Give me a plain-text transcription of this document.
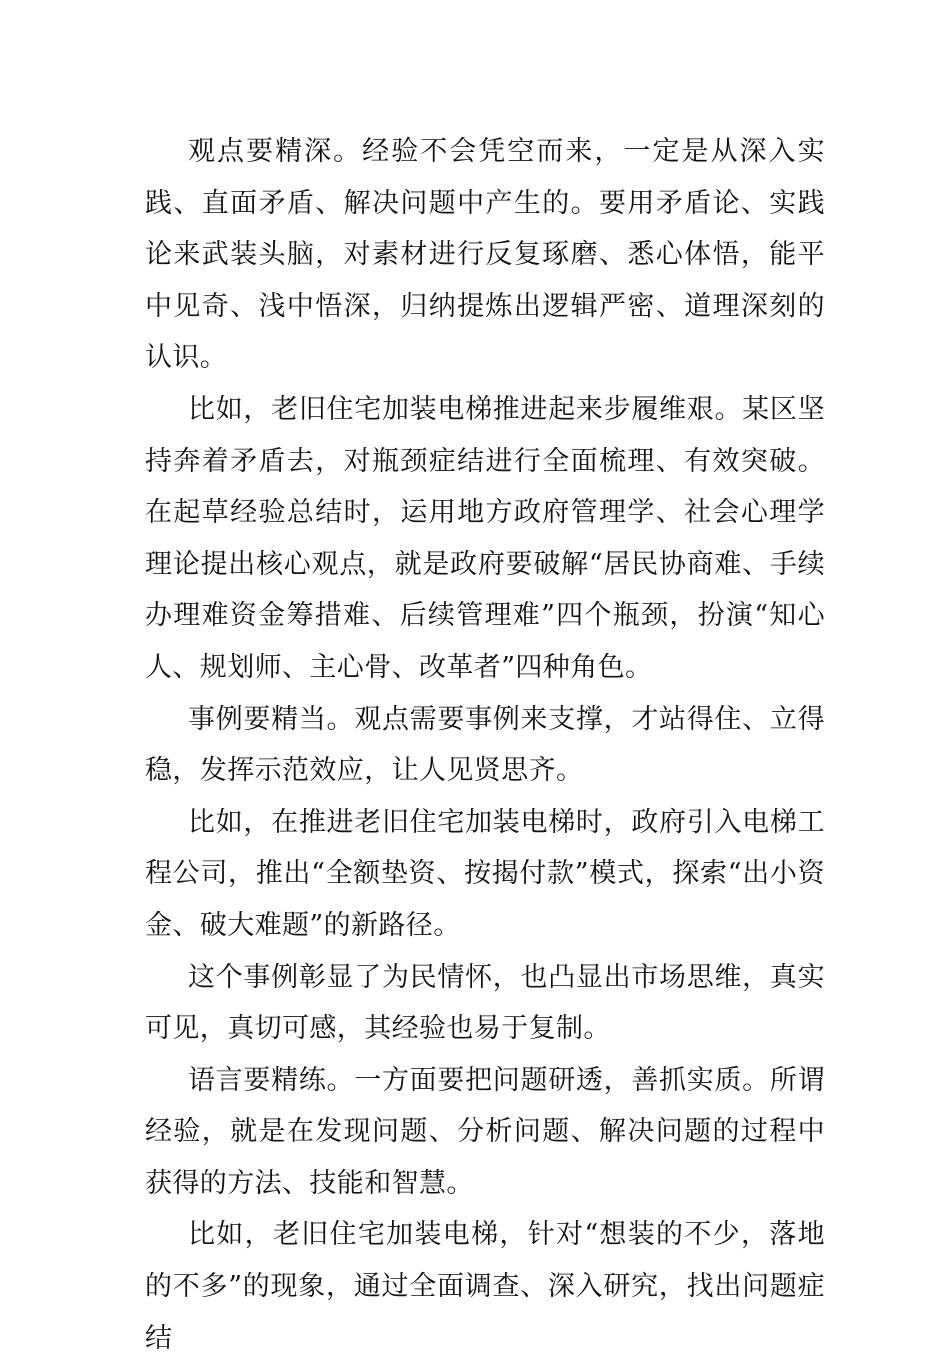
观点要精深。经验不会凭空而来，一定是从深入实践、直面矛盾、解决问题中产生的。要用矛盾论、实践论来武装头脑，对素材进行反复琢磨、悉心体悟，能平中见奇、浅中悟深，归纳提炼出逻辑严密、道理深刻的认识。

比如，老旧住宅加装电梯推进起来步履维艰。某区坚持奔着矛盾去，对瓶颈症结进行全面梳理、有效突破。在起草经验总结时，运用地方政府管理学、社会心理学理论提出核心观点，就是政府要破解“居民协商难、手续办理难资金筹措难、后续管理难”四个瓶颈，扮演“知心人、规划师、主心骨、改革者”四种角色。

事例要精当。观点需要事例来支撑，才站得住、立得稳，发挥示范效应，让人见贤思齐。

比如，在推进老旧住宅加装电梯时，政府引入电梯工程公司，推出“全额垫资、按揭付款”模式，探索“出小资金、破大难题”的新路径。

这个事例彰显了为民情怀，也凸显出市场思维，真实可见，真切可感，其经验也易于复制。

语言要精练。一方面要把问题研透，善抓实质。所谓经验，就是在发现问题、分析问题、解决问题的过程中获得的方法、技能和智慧。

比如，老旧住宅加装电梯，针对“想装的不少，落地的不多”的现象，通过全面调查、深入研究，找出问题症结
